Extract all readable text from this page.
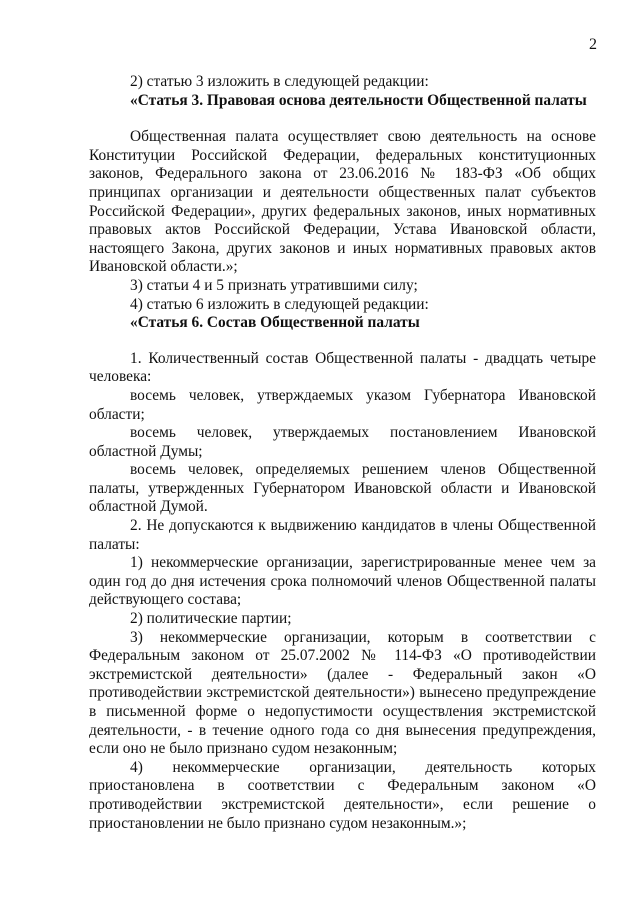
2

2) статью 3 изложить в следующей редакции:

«Статья 3. Правовая основа деятельности Общественной палаты

Общественная палата осуществляет свою деятельность на основе Конституции Российской Федерации, федеральных конституционных законов, Федерального закона от 23.06.2016 № 183-ФЗ «Об общих принципах организации и деятельности общественных палат субъектов Российской Федерации», других федеральных законов, иных нормативных правовых актов Российской Федерации, Устава Ивановской области, настоящего Закона, других законов и иных нормативных правовых актов Ивановской области.»;

3) статьи 4 и 5 признать утратившими силу;

4) статью 6 изложить в следующей редакции:

«Статья 6. Состав Общественной палаты

1. Количественный состав Общественной палаты - двадцать четыре человека:

восемь человек, утверждаемых указом Губернатора Ивановской области;

восемь человек, утверждаемых постановлением Ивановской областной Думы;

восемь человек, определяемых решением членов Общественной палаты, утвержденных Губернатором Ивановской области и Ивановской областной Думой.

2. Не допускаются к выдвижению кандидатов в члены Общественной палаты:

1) некоммерческие организации, зарегистрированные менее чем за один год до дня истечения срока полномочий членов Общественной палаты действующего состава;

2) политические партии;

3) некоммерческие организации, которым в соответствии с Федеральным законом от 25.07.2002 № 114-ФЗ «О противодействии экстремистской деятельности» (далее - Федеральный закон «О противодействии экстремистской деятельности») вынесено предупреждение в письменной форме о недопустимости осуществления экстремистской деятельности, - в течение одного года со дня вынесения предупреждения, если оно не было признано судом незаконным;

4) некоммерческие организации, деятельность которых приостановлена в соответствии с Федеральным законом «О противодействии экстремистской деятельности», если решение о приостановлении не было признано судом незаконным.»;
